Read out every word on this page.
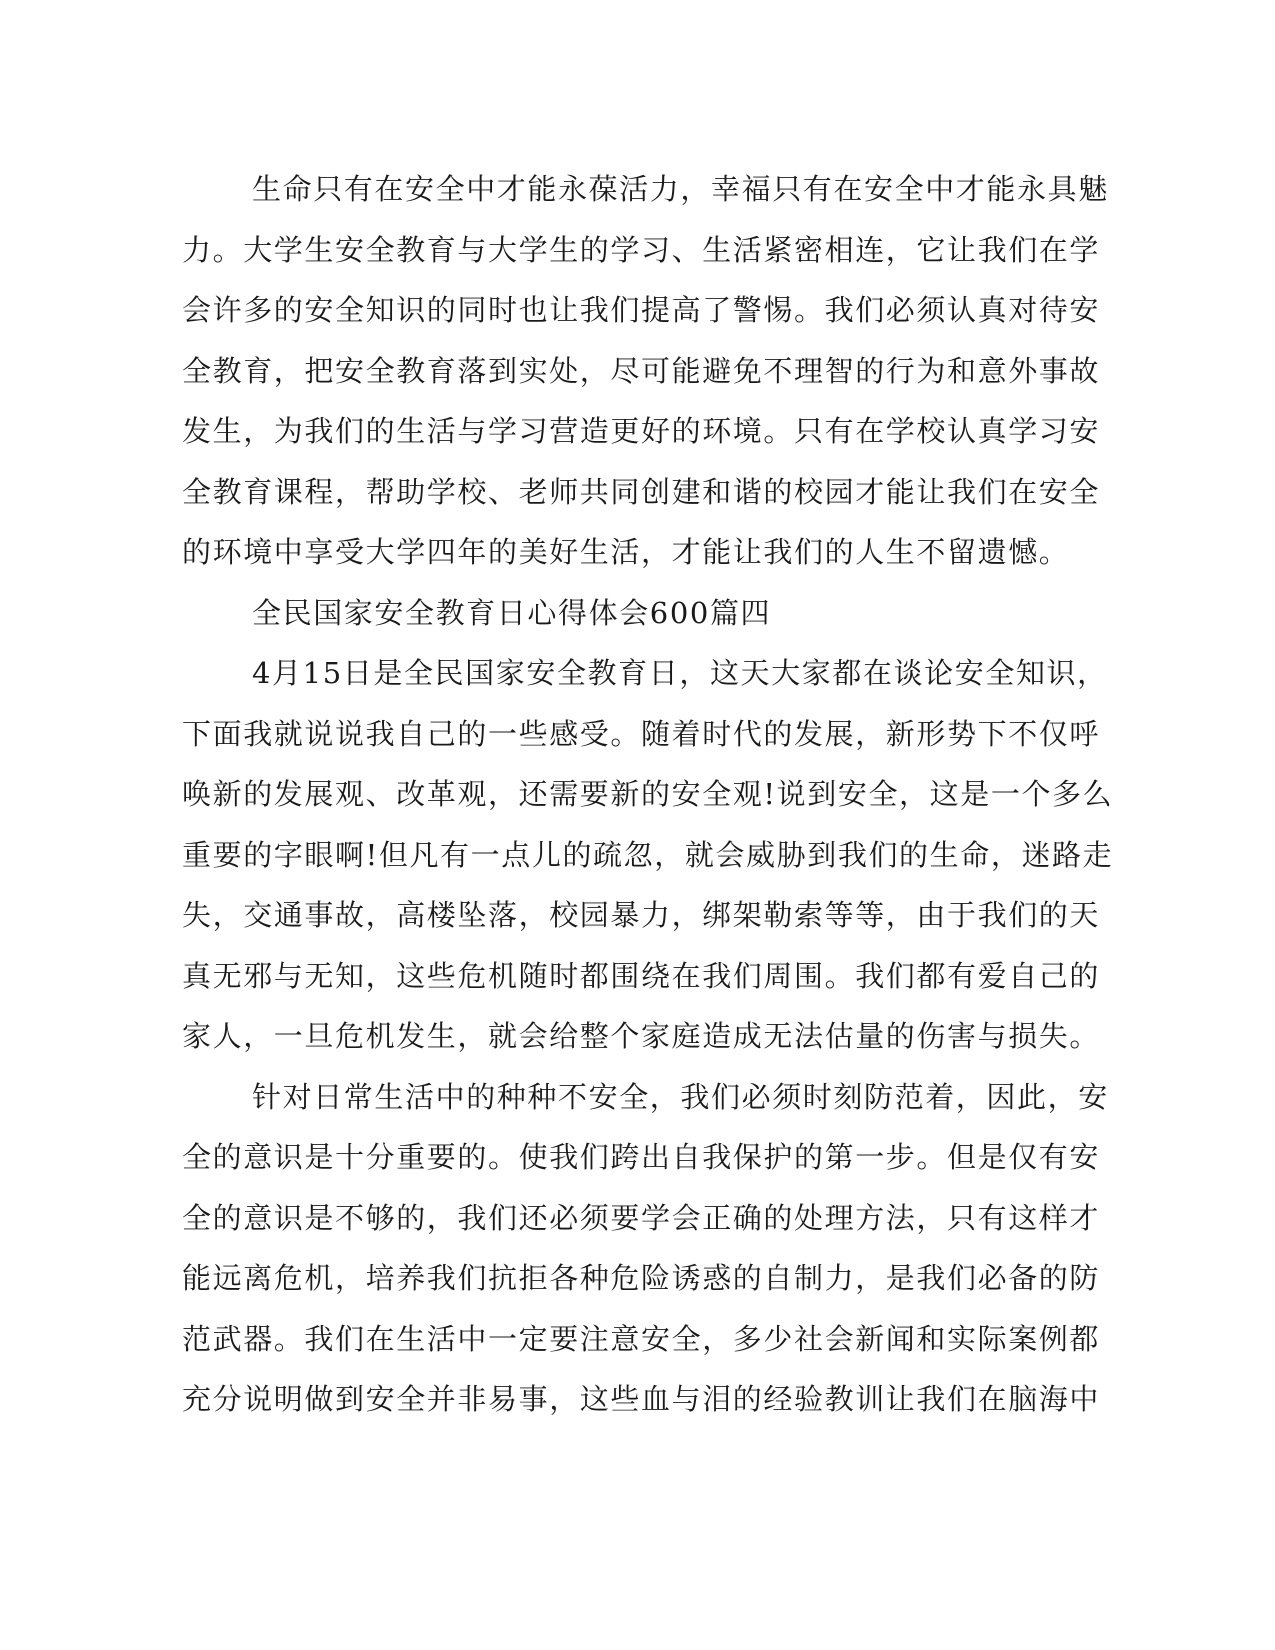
生命只有在安全中才能永葆活力，幸福只有在安全中才能永具魅
力。大学生安全教育与大学生的学习、生活紧密相连，它让我们在学
会许多的安全知识的同时也让我们提高了警惕。我们必须认真对待安
全教育，把安全教育落到实处，尽可能避免不理智的行为和意外事故
发生，为我们的生活与学习营造更好的环境。只有在学校认真学习安
全教育课程，帮助学校、老师共同创建和谐的校园才能让我们在安全
的环境中享受大学四年的美好生活，才能让我们的人生不留遗憾。
全民国家安全教育日心得体会600篇四
4月15日是全民国家安全教育日，这天大家都在谈论安全知识，
下面我就说说我自己的一些感受。随着时代的发展，新形势下不仅呼
唤新的发展观、改革观，还需要新的安全观!说到安全，这是一个多么
重要的字眼啊!但凡有一点儿的疏忽，就会威胁到我们的生命，迷路走
失，交通事故，高楼坠落，校园暴力，绑架勒索等等，由于我们的天
真无邪与无知，这些危机随时都围绕在我们周围。我们都有爱自己的
家人，一旦危机发生，就会给整个家庭造成无法估量的伤害与损失。
针对日常生活中的种种不安全，我们必须时刻防范着，因此，安
全的意识是十分重要的。使我们跨出自我保护的第一步。但是仅有安
全的意识是不够的，我们还必须要学会正确的处理方法，只有这样才
能远离危机，培养我们抗拒各种危险诱惑的自制力，是我们必备的防
范武器。我们在生活中一定要注意安全，多少社会新闻和实际案例都
充分说明做到安全并非易事，这些血与泪的经验教训让我们在脑海中
